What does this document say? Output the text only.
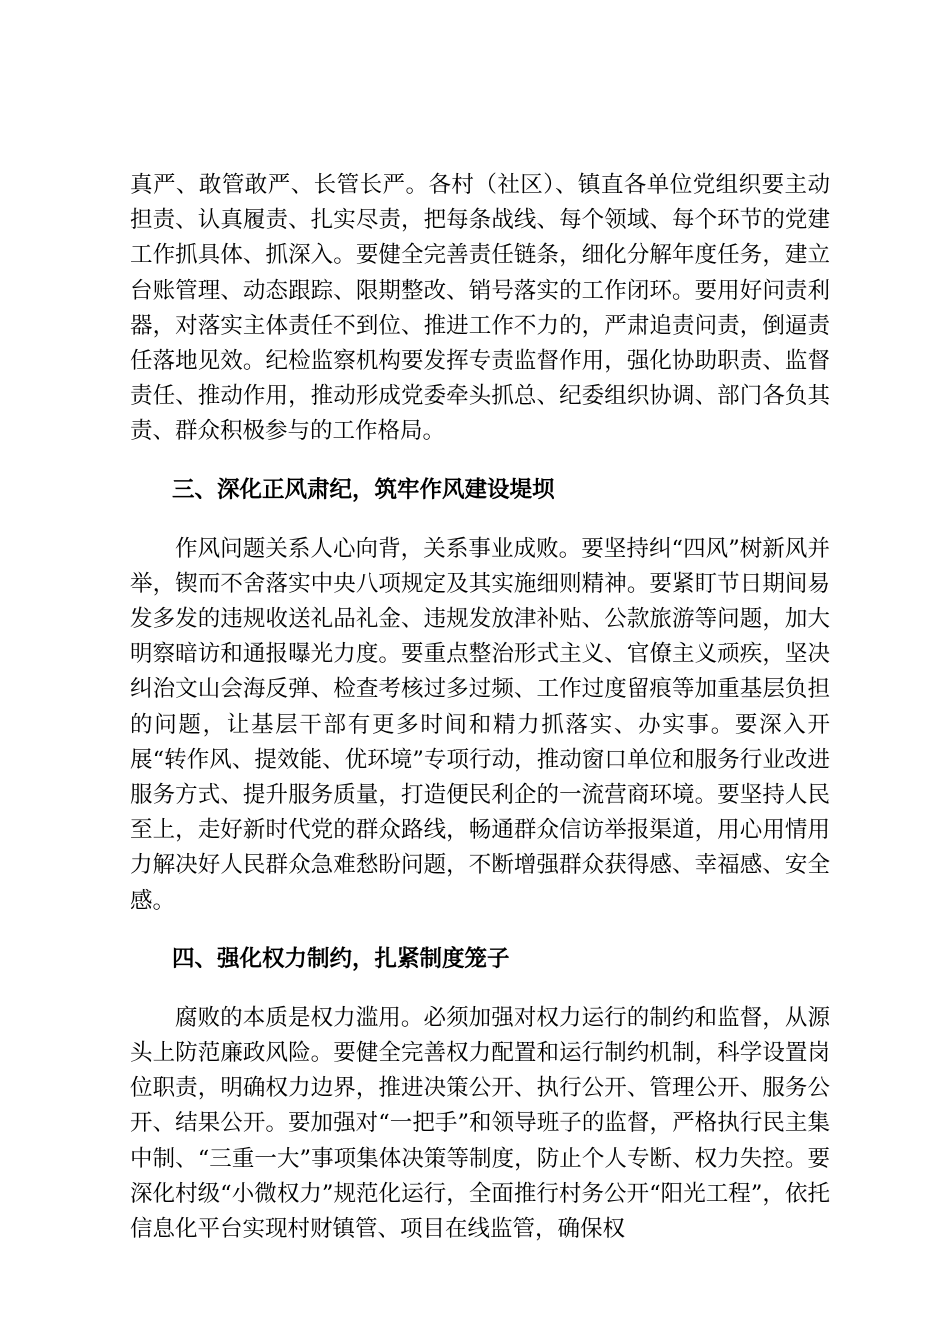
真严、敢管敢严、长管长严。各村（社区）、镇直各单位党组织要主动担责、认真履责、扎实尽责，把每条战线、每个领域、每个环节的党建工作抓具体、抓深入。要健全完善责任链条，细化分解年度任务，建立台账管理、动态跟踪、限期整改、销号落实的工作闭环。要用好问责利器，对落实主体责任不到位、推进工作不力的，严肃追责问责，倒逼责任落地见效。纪检监察机构要发挥专责监督作用，强化协助职责、监督责任、推动作用，推动形成党委牵头抓总、纪委组织协调、部门各负其责、群众积极参与的工作格局。

三、深化正风肃纪，筑牢作风建设堤坝

作风问题关系人心向背，关系事业成败。要坚持纠“四风”树新风并举，锲而不舍落实中央八项规定及其实施细则精神。要紧盯节日期间易发多发的违规收送礼品礼金、违规发放津补贴、公款旅游等问题，加大明察暗访和通报曝光力度。要重点整治形式主义、官僚主义顽疾，坚决纠治文山会海反弹、检查考核过多过频、工作过度留痕等加重基层负担的问题，让基层干部有更多时间和精力抓落实、办实事。要深入开展“转作风、提效能、优环境”专项行动，推动窗口单位和服务行业改进服务方式、提升服务质量，打造便民利企的一流营商环境。要坚持人民至上，走好新时代党的群众路线，畅通群众信访举报渠道，用心用情用力解决好人民群众急难愁盼问题，不断增强群众获得感、幸福感、安全感。

四、强化权力制约，扎紧制度笼子

腐败的本质是权力滥用。必须加强对权力运行的制约和监督，从源头上防范廉政风险。要健全完善权力配置和运行制约机制，科学设置岗位职责，明确权力边界，推进决策公开、执行公开、管理公开、服务公开、结果公开。要加强对“一把手”和领导班子的监督，严格执行民主集中制、“三重一大”事项集体决策等制度，防止个人专断、权力失控。要深化村级“小微权力”规范化运行，全面推行村务公开“阳光工程”，依托信息化平台实现村财镇管、项目在线监管，确保权
